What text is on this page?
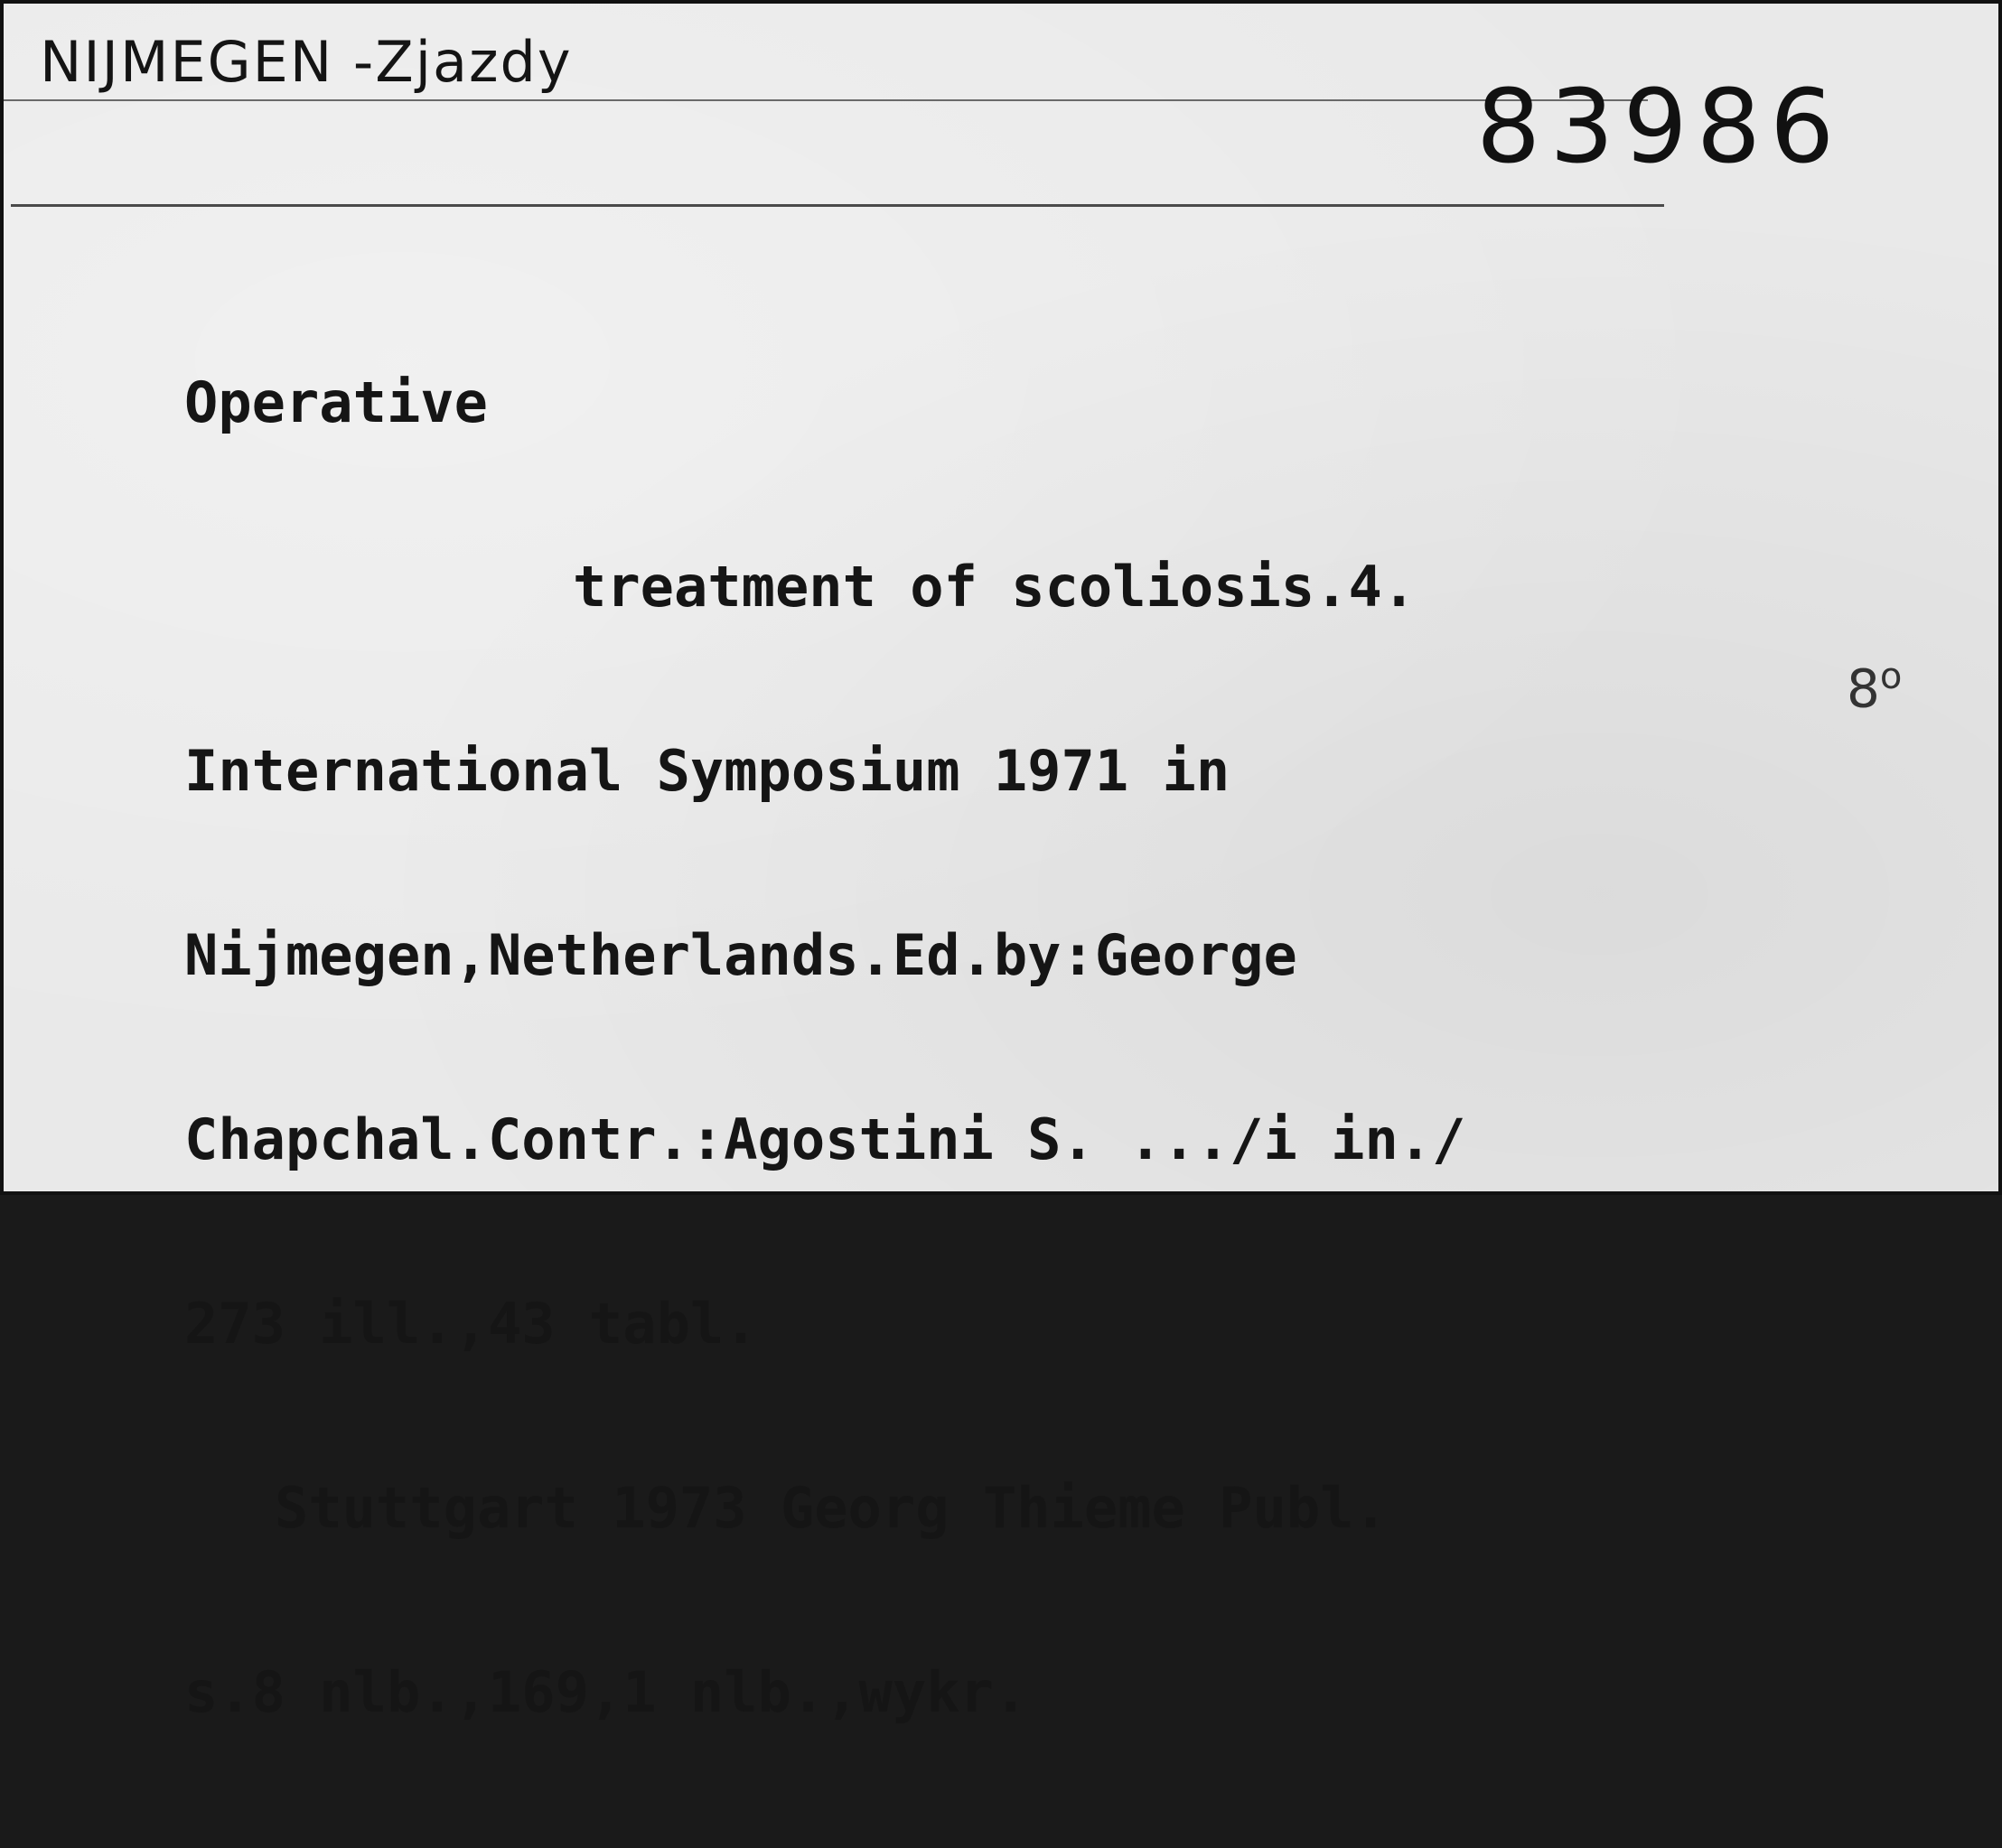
NIJMEGEN -Zjazdy
83986

Operative

treatment of scoliosis.4.

International Symposium 1971 in

Nijmegen,Netherlands.Ed.by:George

Chapchal.Contr.:Agostini S. .../i in./

273 ill.,43 tabl.

Stuttgart 1973 Georg Thieme Publ.

s.8 nlb.,169,1 nlb.,wykr.

8$^o$
